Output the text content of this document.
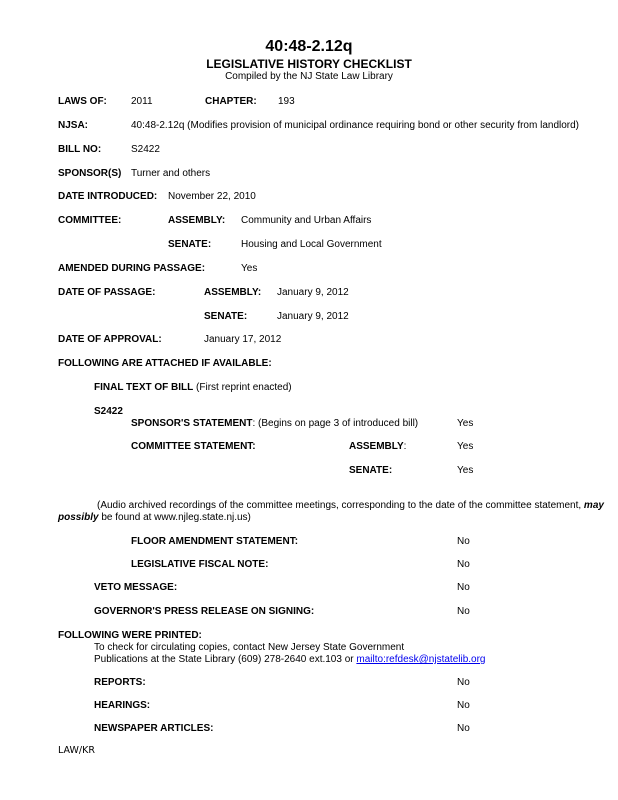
40:48-2.12q
LEGISLATIVE HISTORY CHECKLIST
Compiled by the NJ State Law Library
LAWS OF: 2011	CHAPTER: 193
NJSA:	40:48-2.12q (Modifies provision of municipal ordinance requiring bond or other security from landlord)
BILL NO:	S2422
SPONSOR(S) Turner and others
DATE INTRODUCED: November 22, 2010
COMMITTEE:	ASSEMBLY: Community and Urban Affairs
SENATE:	Housing and Local Government
AMENDED DURING PASSAGE:	Yes
DATE OF PASSAGE:	ASSEMBLY: January 9, 2012
SENATE:	January 9, 2012
DATE OF APPROVAL:	January 17, 2012
FOLLOWING ARE ATTACHED IF AVAILABLE:
FINAL TEXT OF BILL (First reprint enacted)
S2422
SPONSOR'S STATEMENT: (Begins on page 3 of introduced bill)	Yes
COMMITTEE STATEMENT:	ASSEMBLY:	Yes
SENATE:	Yes
(Audio archived recordings of the committee meetings, corresponding to the date of the committee statement, may
possibly be found at www.njleg.state.nj.us)
FLOOR AMENDMENT STATEMENT:	No
LEGISLATIVE FISCAL NOTE:	No
VETO MESSAGE:	No
GOVERNOR'S PRESS RELEASE ON SIGNING:	No
FOLLOWING WERE PRINTED:
To check for circulating copies, contact New Jersey State Government
Publications at the State Library (609) 278-2640 ext.103 or mailto:refdesk@njstatelib.org
REPORTS:	No
HEARINGS:	No
NEWSPAPER ARTICLES:	No
LAW/KR
